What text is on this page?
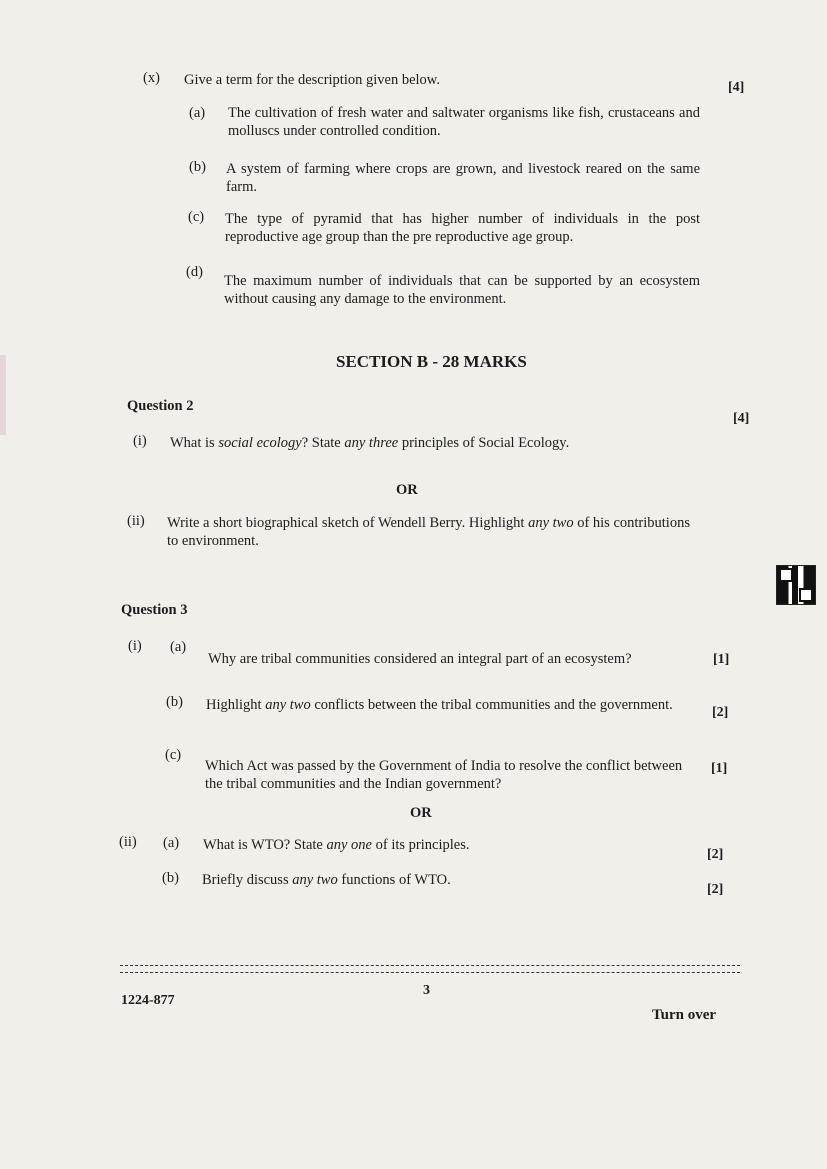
(x) Give a term for the description given below.	[4]
(a) The cultivation of fresh water and saltwater organisms like fish, crustaceans and molluscs under controlled condition.
(b) A system of farming where crops are grown, and livestock reared on the same farm.
(c) The type of pyramid that has higher number of individuals in the post reproductive age group than the pre reproductive age group.
(d)
The maximum number of individuals that can be supported by an ecosystem without causing any damage to the environment.
SECTION B - 28 MARKS
Question 2
[4]
(i) What is social ecology? State any three principles of Social Ecology.
OR
(ii) Write a short biographical sketch of Wendell Berry. Highlight any two of his contributions to environment.
Question 3
(i) (a)
Why are tribal communities considered an integral part of an ecosystem?	[1]
(b) Highlight any two conflicts between the tribal communities and the government.	[2]
(c)
Which Act was passed by the Government of India to resolve the conflict between the tribal communities and the Indian government?
[1]
OR
(ii) (a) What is WTO? State any one of its principles.
[2]
(b) Briefly discuss any two functions of WTO.
[2]
3
1224-877
Turn over
